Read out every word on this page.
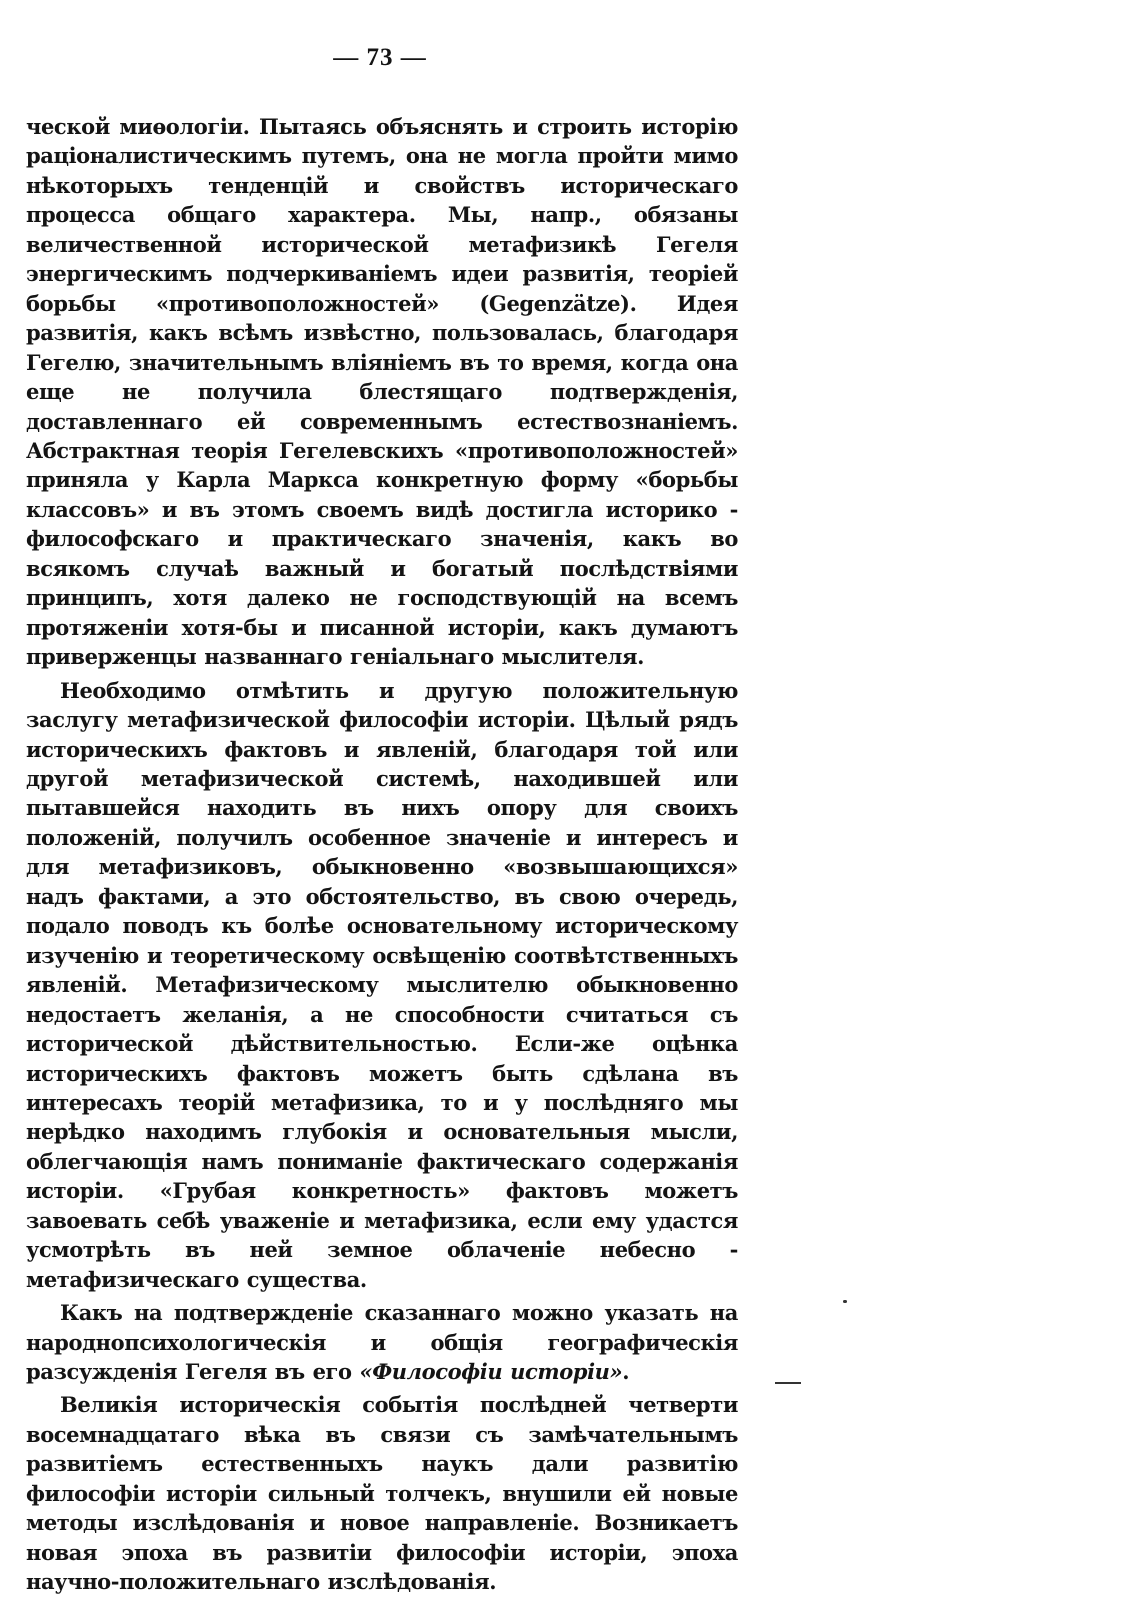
— 73 —

ческой миѳологіи. Пытаясь объяснять и строить исторію раціоналистическимъ путемъ, она не могла пройти мимо нѣкоторыхъ тенденцій и свойствъ историческаго процесса общаго характера. Мы, напр., обязаны величественной исторической метафизикѣ Гегеля энергическимъ подчеркиваніемъ идеи развитія, теоріей борьбы «противоположностей» (Gegenzätze). Идея развитія, какъ всѣмъ извѣстно, пользовалась, благодаря Гегелю, значительнымъ вліяніемъ въ то время, когда она еще не получила блестящаго подтвержденія, доставленнаго ей современнымъ естествознаніемъ. Абстрактная теорія Гегелевскихъ «противоположностей» приняла у Карла Маркса конкретную форму «борьбы классовъ» и въ этомъ своемъ видѣ достигла историко - философскаго и практическаго значенія, какъ во всякомъ случаѣ важный и богатый послѣдствіями принципъ, хотя далеко не господствующій на всемъ протяженіи хотя-бы и писанной исторіи, какъ думаютъ приверженцы названнаго геніальнаго мыслителя.

Необходимо отмѣтить и другую положительную заслугу метафизической философіи исторіи. Цѣлый рядъ историческихъ фактовъ и явленій, благодаря той или другой метафизической системѣ, находившей или пытавшейся находить въ нихъ опору для своихъ положеній, получилъ особенное значеніе и интересъ и для метафизиковъ, обыкновенно «возвышающихся» надъ фактами, а это обстоятельство, въ свою очередь, подало поводъ къ болѣе основательному историческому изученію и теоретическому освѣщенію соотвѣтственныхъ явленій. Метафизическому мыслителю обыкновенно недостаетъ желанія, а не способности считаться съ исторической дѣйствительностью. Если-же оцѣнка историческихъ фактовъ можетъ быть сдѣлана въ интересахъ теорій метафизика, то и у послѣдняго мы нерѣдко находимъ глубокія и основательныя мысли, облегчающія намъ пониманіе фактическаго содержанія исторіи. «Грубая конкретность» фактовъ можетъ завоевать себѣ уваженіе и метафизика, если ему удастся усмотрѣть въ ней земное облаченіе небесно - метафизическаго существа.

Какъ на подтвержденіе сказаннаго можно указать на народнопсихологическія и общія географическія разсужденія Гегеля въ его «Философіи исторіи».

Великія историческія событія послѣдней четверти восемнадцатаго вѣка въ связи съ замѣчательнымъ развитіемъ естественныхъ наукъ дали развитію философіи исторіи сильный толчекъ, внушили ей новые методы изслѣдованія и новое направленіе. Возникаетъ новая эпоха въ развитіи философіи исторіи, эпоха научно-положительнаго изслѣдованія.
